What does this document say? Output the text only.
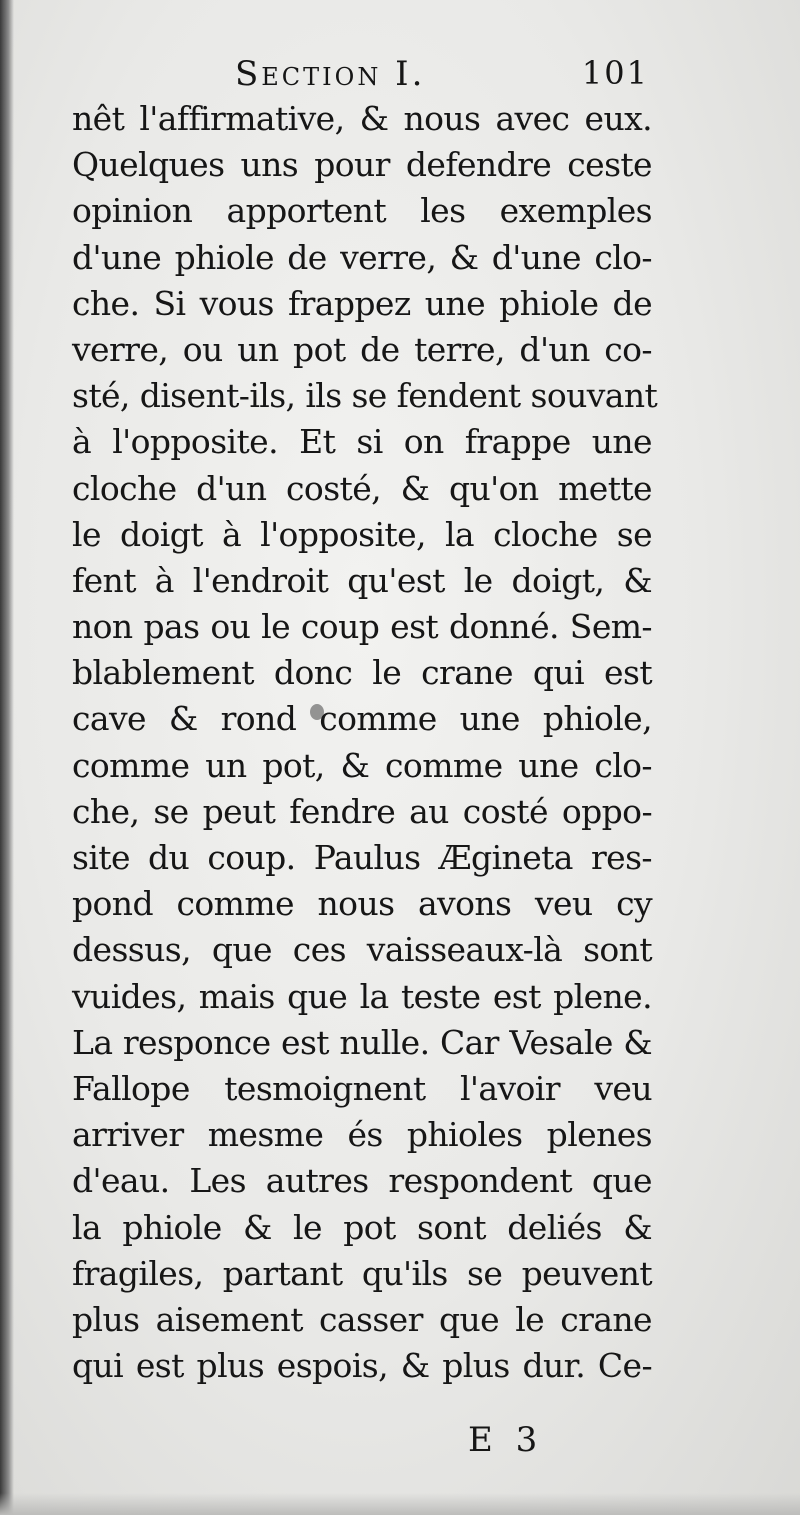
Section I.	101
nêt l'affirmative, & nous avec eux.
Quelques uns pour defendre ceste
opinion apportent les exemples
d'une phiole de verre, & d'une clo-
che. Si vous frappez une phiole de
verre, ou un pot de terre, d'un co-
sté, disent-ils, ils se fendent souvant
à l'opposite. Et si on frappe une
cloche d'un costé, & qu'on mette
le doigt à l'opposite, la cloche se
fent à l'endroit qu'est le doigt, &
non pas ou le coup est donné. Sem-
blablement donc le crane qui est
cave & rond comme une phiole,
comme un pot, & comme une clo-
che, se peut fendre au costé oppo-
site du coup. Paulus Ægineta res-
pond comme nous avons veu cy
dessus, que ces vaisseaux-là sont
vuides, mais que la teste est plene.
La responce est nulle. Car Vesale &
Fallope tesmoignent l'avoir veu
arriver mesme és phioles plenes
d'eau. Les autres respondent que
la phiole & le pot sont deliés &
fragiles, partant qu'ils se peuvent
plus aisement casser que le crane
qui est plus espois, & plus dur. Ce-
E 3
